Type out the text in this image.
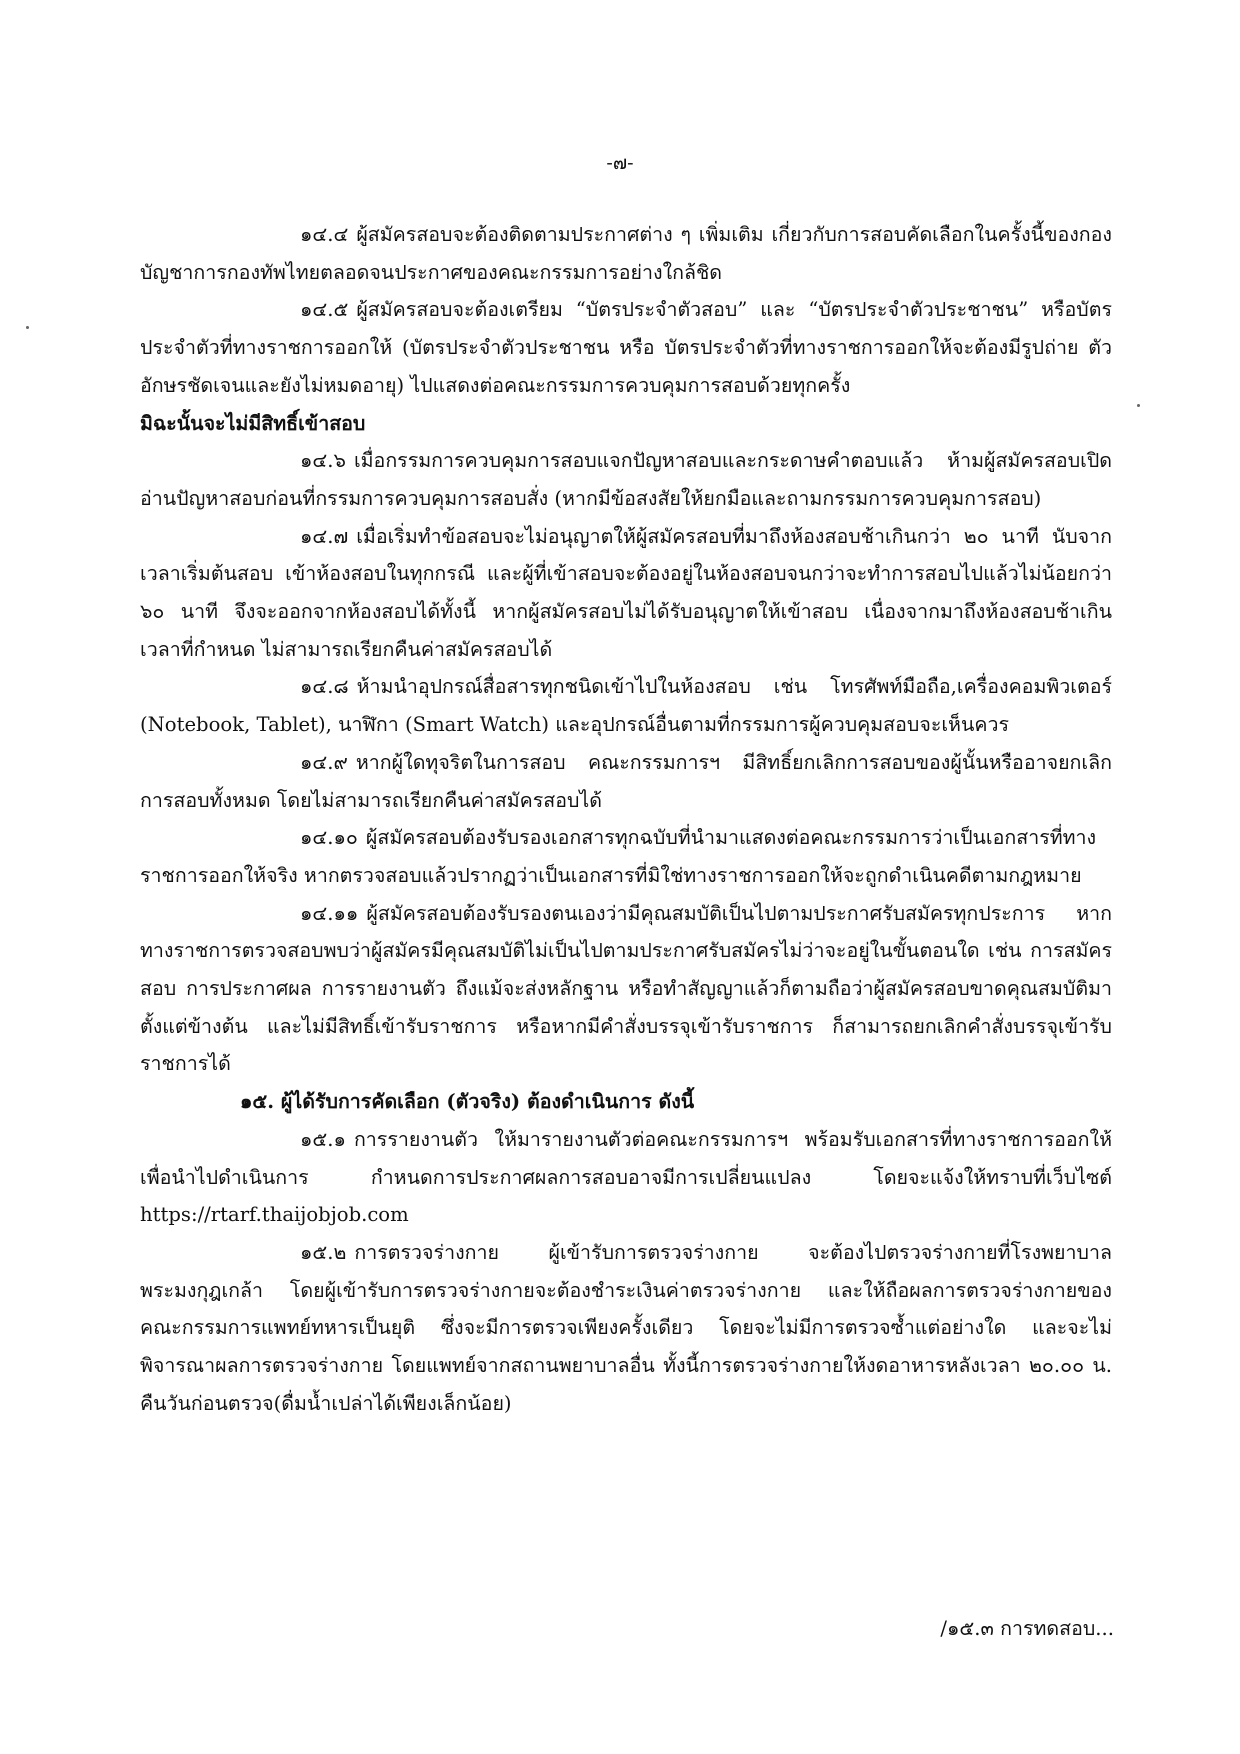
-๗-

๑๔.๔ ผู้สมัครสอบจะต้องติดตามประกาศต่าง ๆ เพิ่มเติม เกี่ยวกับการสอบคัดเลือกในครั้งนี้ของกองบัญชาการกองทัพไทยตลอดจนประกาศของคณะกรรมการอย่างใกล้ชิด

๑๔.๕ ผู้สมัครสอบจะต้องเตรียม “บัตรประจำตัวสอบ” และ “บัตรประจำตัวประชาชน” หรือบัตรประจำตัวที่ทางราชการออกให้ (บัตรประจำตัวประชาชน หรือ บัตรประจำตัวที่ทางราชการออกให้จะต้องมีรูปถ่าย ตัวอักษรชัดเจนและยังไม่หมดอายุ) ไปแสดงต่อคณะกรรมการควบคุมการสอบด้วยทุกครั้ง

มิฉะนั้นจะไม่มีสิทธิ์เข้าสอบ

๑๔.๖ เมื่อกรรมการควบคุมการสอบแจกปัญหาสอบและกระดาษคำตอบแล้ว ห้ามผู้สมัครสอบเปิดอ่านปัญหาสอบก่อนที่กรรมการควบคุมการสอบสั่ง (หากมีข้อสงสัยให้ยกมือและถามกรรมการควบคุมการสอบ)

๑๔.๗ เมื่อเริ่มทำข้อสอบจะไม่อนุญาตให้ผู้สมัครสอบที่มาถึงห้องสอบช้าเกินกว่า ๒๐ นาที นับจากเวลาเริ่มต้นสอบ เข้าห้องสอบในทุกกรณี และผู้ที่เข้าสอบจะต้องอยู่ในห้องสอบจนกว่าจะทำการสอบไปแล้วไม่น้อยกว่า ๖๐ นาที จึงจะออกจากห้องสอบได้ทั้งนี้ หากผู้สมัครสอบไม่ได้รับอนุญาตให้เข้าสอบ เนื่องจากมาถึงห้องสอบช้าเกินเวลาที่กำหนด ไม่สามารถเรียกคืนค่าสมัครสอบได้

๑๔.๘ ห้ามนำอุปกรณ์สื่อสารทุกชนิดเข้าไปในห้องสอบ เช่น โทรศัพท์มือถือ,เครื่องคอมพิวเตอร์ (Notebook, Tablet), นาฬิกา (Smart Watch) และอุปกรณ์อื่นตามที่กรรมการผู้ควบคุมสอบจะเห็นควร

๑๔.๙ หากผู้ใดทุจริตในการสอบ คณะกรรมการฯ มีสิทธิ์ยกเลิกการสอบของผู้นั้นหรืออาจยกเลิกการสอบทั้งหมด โดยไม่สามารถเรียกคืนค่าสมัครสอบได้

๑๔.๑๐ ผู้สมัครสอบต้องรับรองเอกสารทุกฉบับที่นำมาแสดงต่อคณะกรรมการว่าเป็นเอกสารที่ทางราชการออกให้จริง หากตรวจสอบแล้วปรากฏว่าเป็นเอกสารที่มิใช่ทางราชการออกให้จะถูกดำเนินคดีตามกฎหมาย

๑๔.๑๑ ผู้สมัครสอบต้องรับรองตนเองว่ามีคุณสมบัติเป็นไปตามประกาศรับสมัครทุกประการ หากทางราชการตรวจสอบพบว่าผู้สมัครมีคุณสมบัติไม่เป็นไปตามประกาศรับสมัครไม่ว่าจะอยู่ในขั้นตอนใด เช่น การสมัครสอบ การประกาศผล การรายงานตัว ถึงแม้จะส่งหลักฐาน หรือทำสัญญาแล้วก็ตามถือว่าผู้สมัครสอบขาดคุณสมบัติมาตั้งแต่ข้างต้น และไม่มีสิทธิ์เข้ารับราชการ หรือหากมีคำสั่งบรรจุเข้ารับราชการ ก็สามารถยกเลิกคำสั่งบรรจุเข้ารับราชการได้

๑๕. ผู้ได้รับการคัดเลือก (ตัวจริง) ต้องดำเนินการ ดังนี้

๑๕.๑ การรายงานตัว ให้มารายงานตัวต่อคณะกรรมการฯ พร้อมรับเอกสารที่ทางราชการออกให้เพื่อนำไปดำเนินการ กำหนดการประกาศผลการสอบอาจมีการเปลี่ยนแปลง โดยจะแจ้งให้ทราบที่เว็บไซต์ https://rtarf.thaijobjob.com

๑๕.๒ การตรวจร่างกาย ผู้เข้ารับการตรวจร่างกาย จะต้องไปตรวจร่างกายที่โรงพยาบาลพระมงกุฎเกล้า โดยผู้เข้ารับการตรวจร่างกายจะต้องชำระเงินค่าตรวจร่างกาย และให้ถือผลการตรวจร่างกายของคณะกรรมการแพทย์ทหารเป็นยุติ ซึ่งจะมีการตรวจเพียงครั้งเดียว โดยจะไม่มีการตรวจซ้ำแต่อย่างใด และจะไม่พิจารณาผลการตรวจร่างกาย โดยแพทย์จากสถานพยาบาลอื่น ทั้งนี้การตรวจร่างกายให้งดอาหารหลังเวลา ๒๐.๐๐ น. คืนวันก่อนตรวจ(ดื่มน้ำเปล่าได้เพียงเล็กน้อย)

/๑๕.๓ การทดสอบ...
